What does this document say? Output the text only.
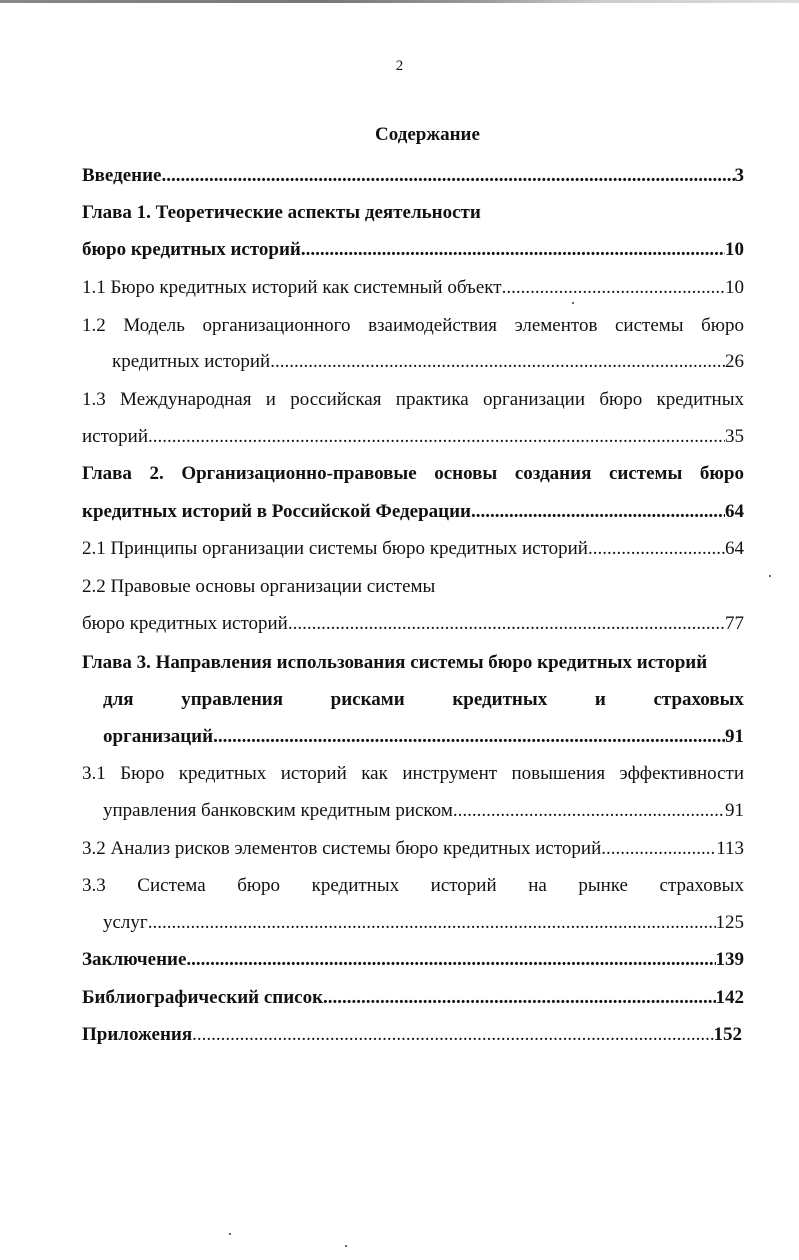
2
Содержание
Введение .....	3
Глава 1. Теоретические аспекты деятельности
бюро кредитных историй .....	10
1.1 Бюро кредитных историй как системный объект .....	10
1.2 Модель организационного взаимодействия элементов системы бюро
кредитных историй .....	26
1.3 Международная и российская практика организации бюро кредитных
историй .....	35
Глава 2. Организационно-правовые основы создания системы бюро
кредитных историй в Российской Федерации .....	64
2.1 Принципы организации системы бюро кредитных историй .....	64
2.2 Правовые основы организации системы
бюро кредитных историй .....	77
Глава 3. Направления использования системы бюро кредитных историй
для	управления	рисками	кредитных	и	страховых
организаций .....	91
3.1 Бюро кредитных историй как инструмент повышения эффективности
управления банковским кредитным риском .....	91
3.2 Анализ рисков элементов системы бюро кредитных историй .....	113
3.3 Система бюро кредитных историй на рынке страховых
услуг .....	125
Заключение .....	139
Библиографический список .....	142
Приложения .....	152
